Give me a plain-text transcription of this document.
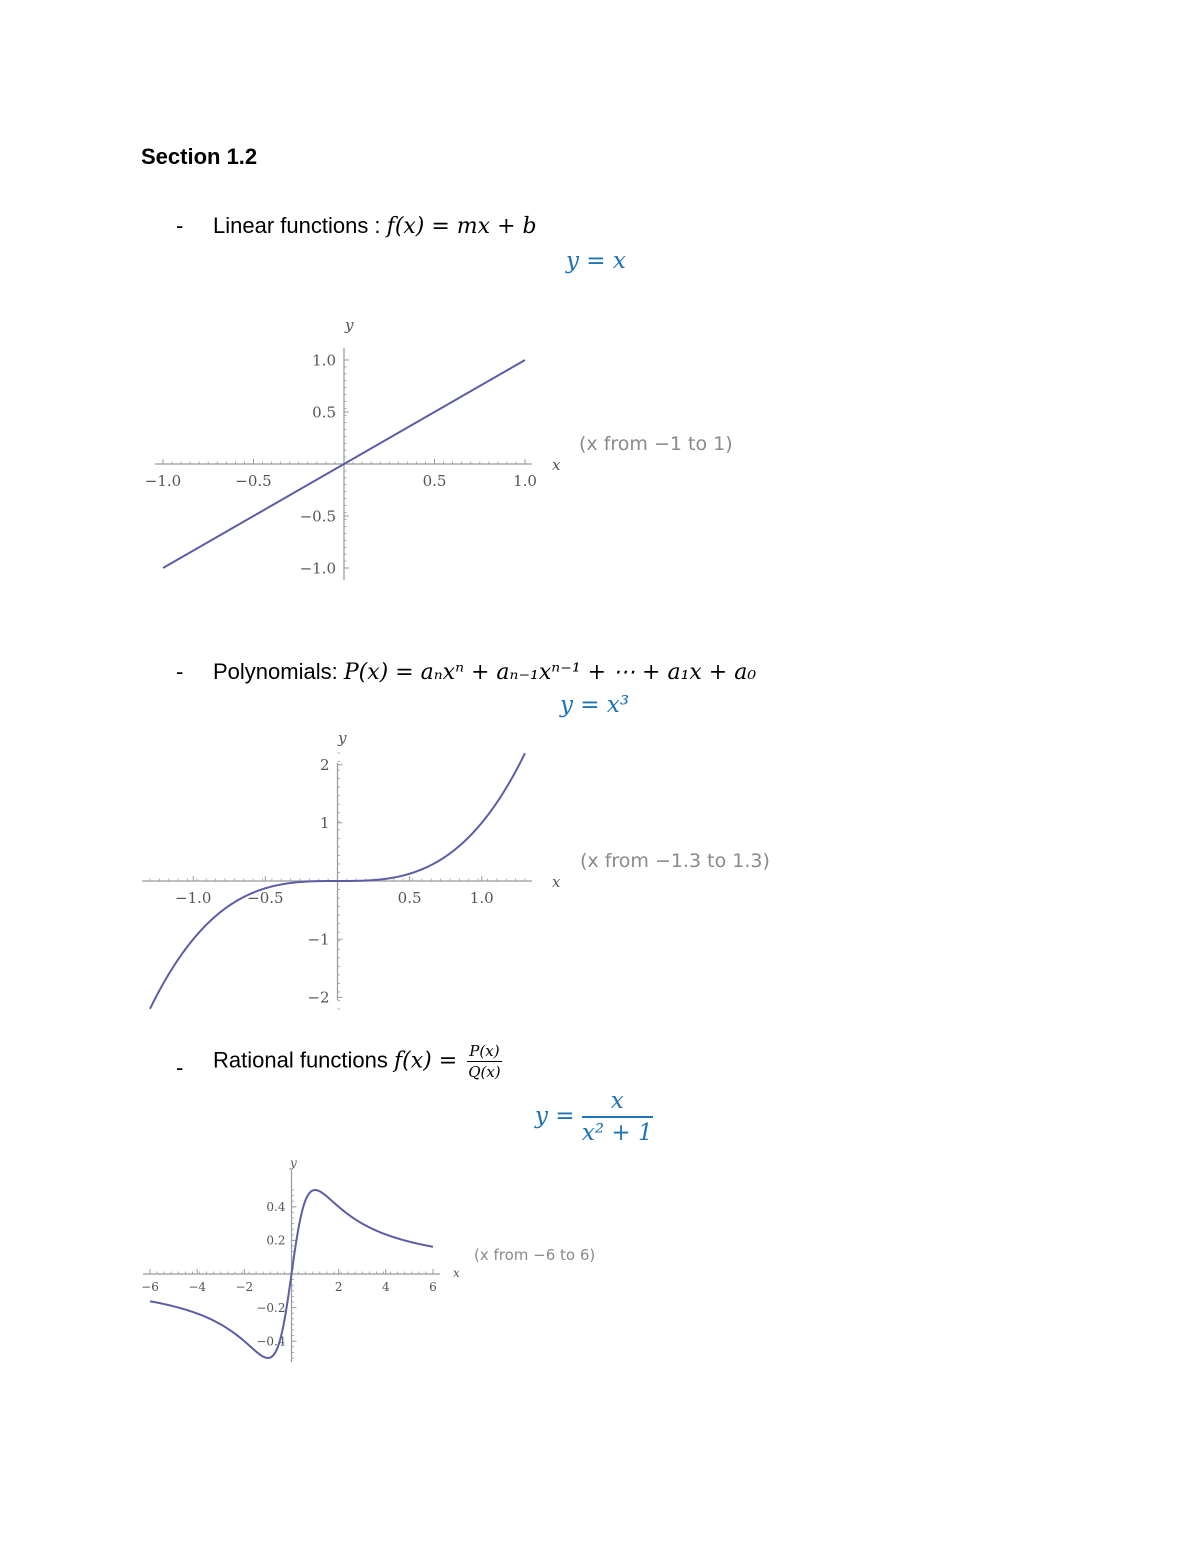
Section 1.2
- Linear functions : f(x) = mx + b
y = x
−1.0	−0.5	0.5	1.0
1.0
0.5
−0.5
−1.0
x
y
(x from −1 to 1)
- Polynomials: P(x) = aₙxⁿ + aₙ₋₁xⁿ⁻¹ + ⋯ + a₁x + a₀
y = x³
−1.0 −0.5	0.5	1.0
2
1
−1
−2
x
y
(x from −1.3 to 1.3)
- Rational functions $f(x) = \frac{P(x)}{Q(x)}$
$y = \frac{x}{\text{x² + 1}}$
−6 −4 −2	2	4	6
0.4
0.2
−0.2
−0.4
x
y
(x from −6 to 6)
